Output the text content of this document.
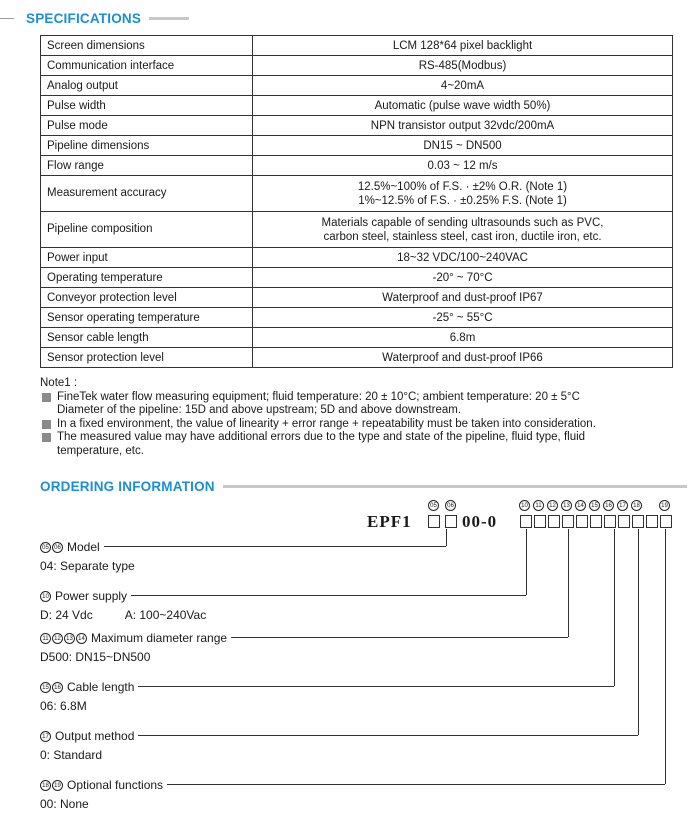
SPECIFICATIONS
Screen dimensions	LCM 128*64 pixel backlight

Communication interface	RS-485(Modbus)

Analog output	4~20mA

Pulse width	Automatic (pulse wave width 50%)

Pulse mode	NPN transistor output 32vdc/200mA

Pipeline dimensions	DN15 ~ DN500

Flow range	0.03 ~ 12 m/s

Measurement accuracy	12.5%~100% of F.S. · ±2% O.R. (Note 1)
1%~12.5% of F.S. · ±0.25% F.S. (Note 1)

Pipeline composition	Materials capable of sending ultrasounds such as PVC,
carbon steel, stainless steel, cast iron, ductile iron, etc.

Power input	18~32 VDC/100~240VAC

Operating temperature	-20° ~ 70°C

Conveyor protection level	Waterproof and dust-proof IP67

Sensor operating temperature	-25° ~ 55°C

Sensor cable length	6.8m

Sensor protection level	Waterproof and dust-proof IP66
Note1 :
FineTek water flow measuring equipment; fluid temperature: 20 ± 10°C; ambient temperature: 20 ± 5°C
Diameter of the pipeline: 15D and above upstream; 5D and above downstream.
In a fixed environment, the value of linearity + error range + repeatability must be taken into consideration.
The measured value may have additional errors due to the type and state of the pipeline, fluid type, fluid
temperature, etc.
ORDERING INFORMATION
EPF1	00-0
05	06	10	11	12	13	14	15	16	17	18	19
05 06 Model
04: Separate type
10 Power supply
D: 24 Vdc	A: 100~240Vac
11 12 13 14 Maximum diameter range
D500: DN15~DN500
15 16 Cable length
06: 6.8M
17 Output method
0: Standard
18 19 Optional functions
00: None
